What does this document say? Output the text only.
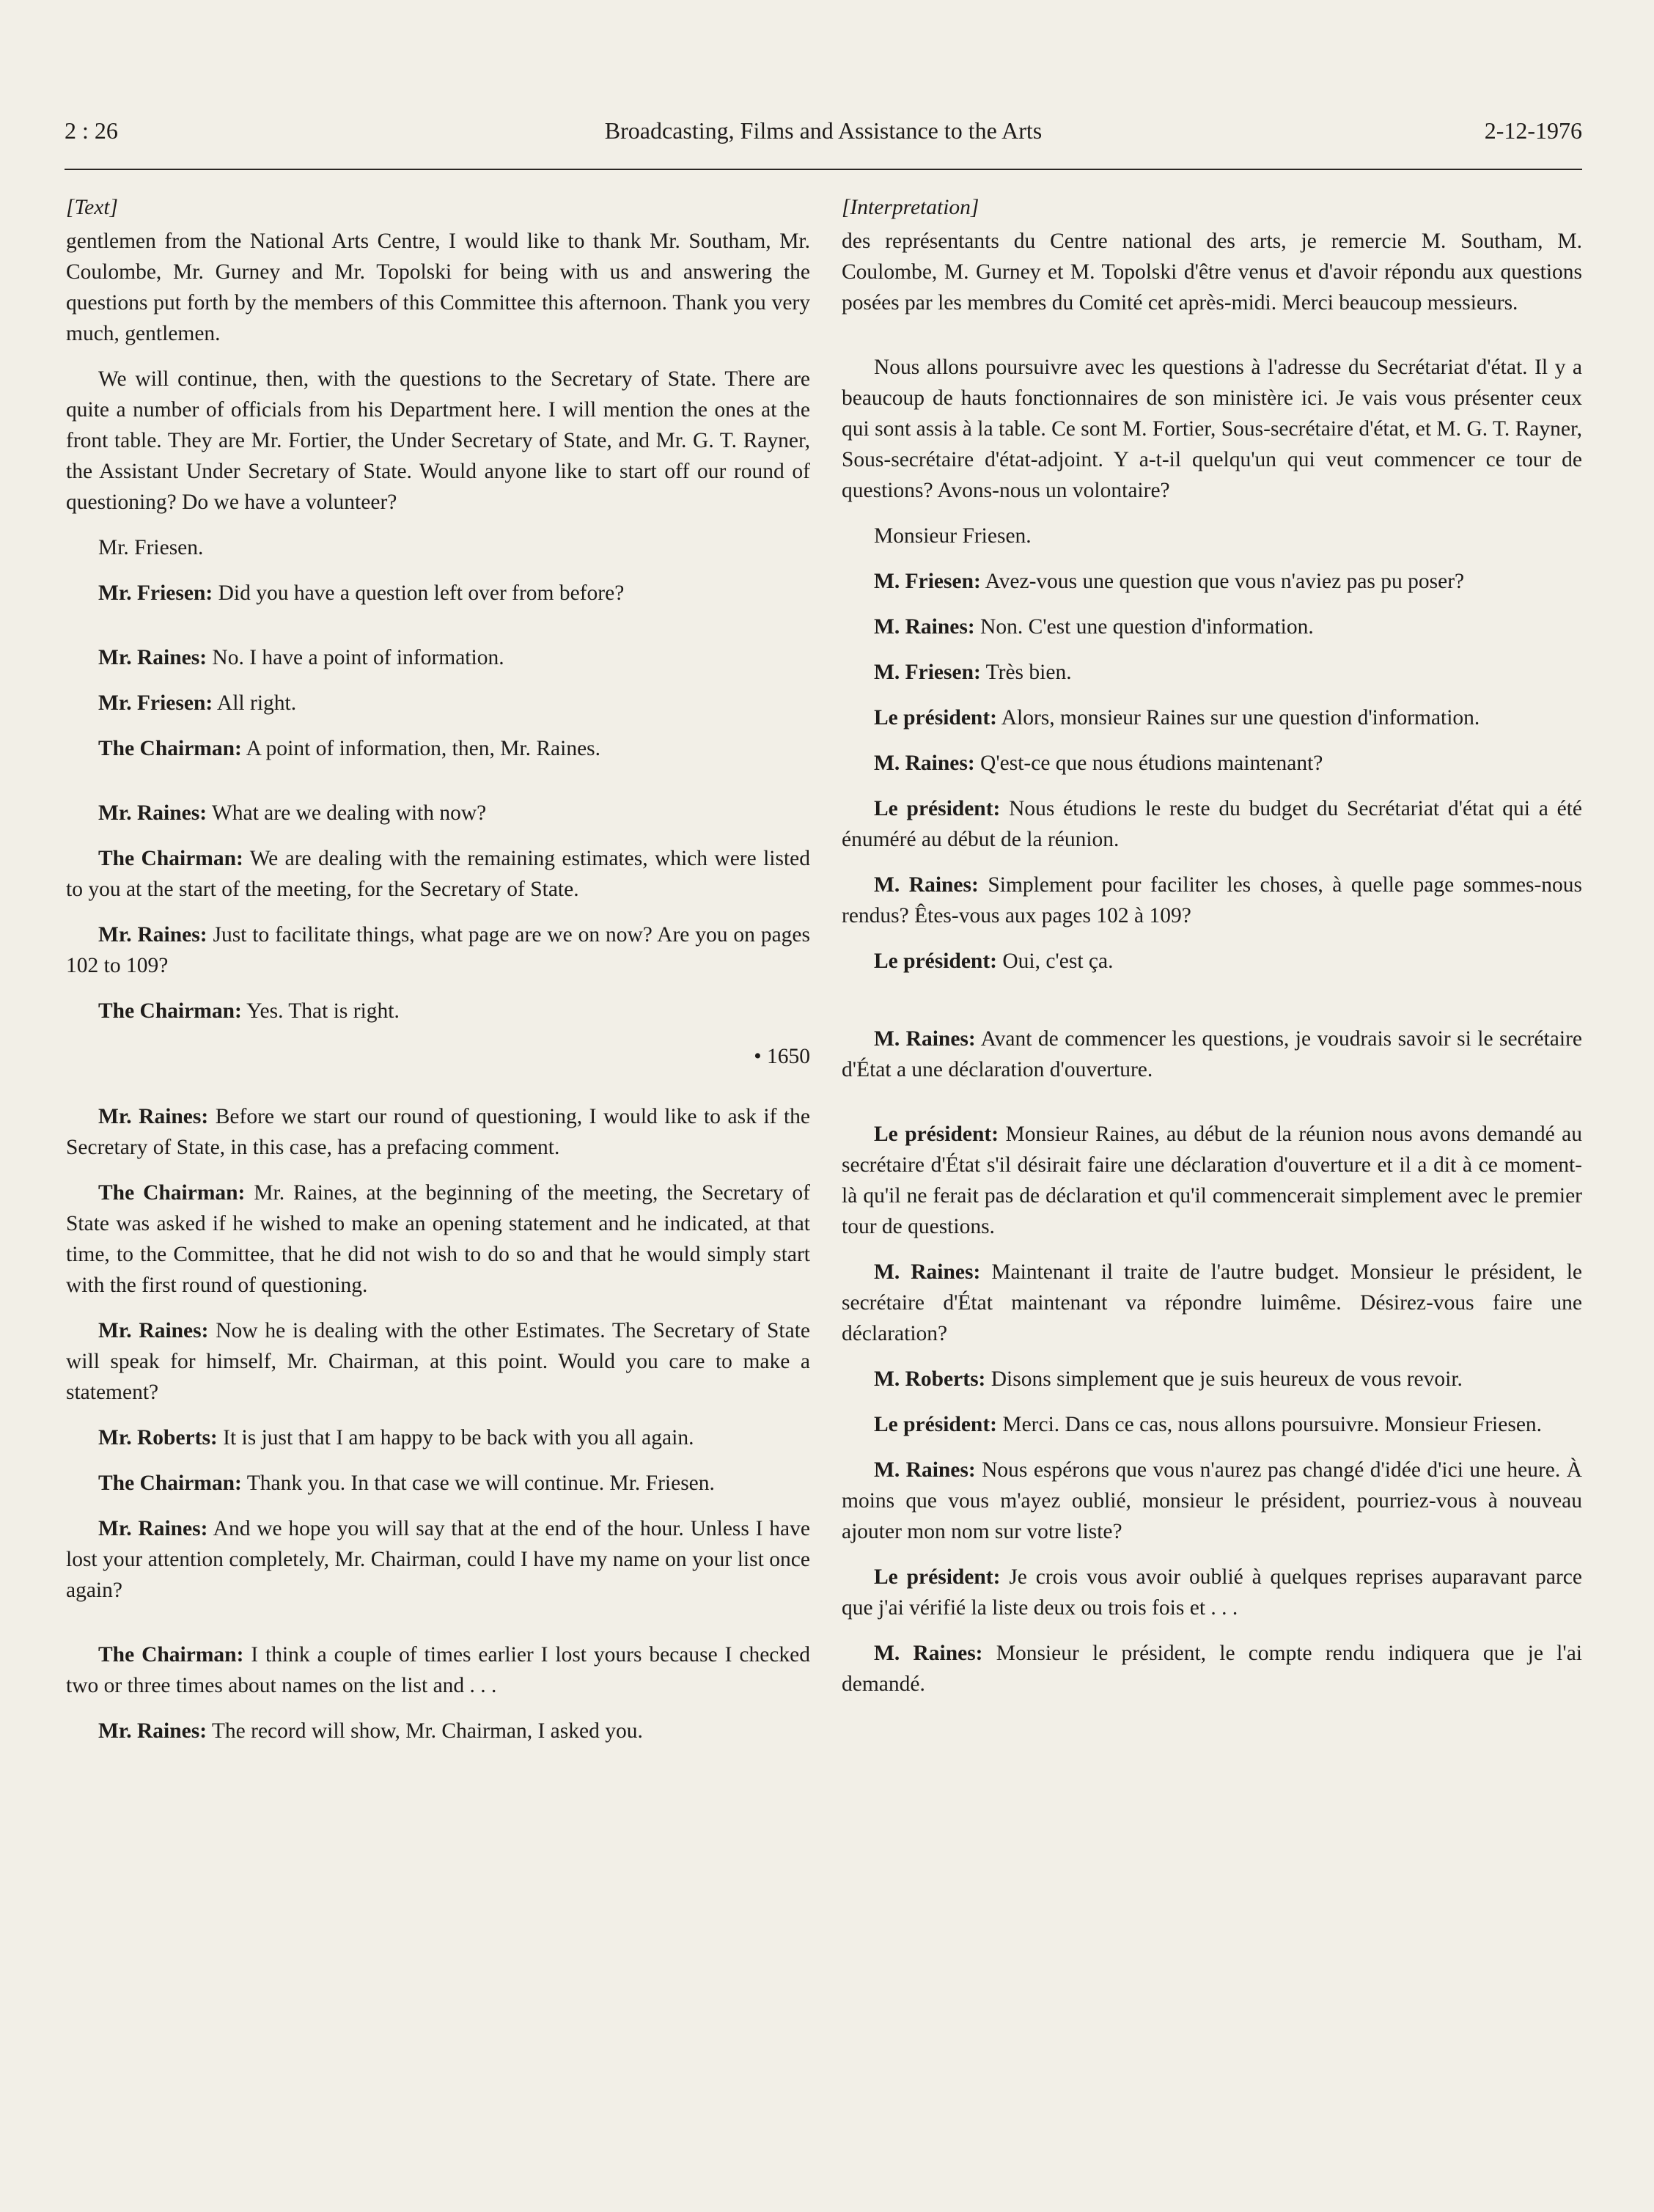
2 : 26	Broadcasting, Films and Assistance to the Arts	2-12-1976
[Text]

gentlemen from the National Arts Centre, I would like to thank Mr. Southam, Mr. Coulombe, Mr. Gurney and Mr. Topolski for being with us and answering the questions put forth by the members of this Committee this afternoon. Thank you very much, gentlemen.

We will continue, then, with the questions to the Secretary of State. There are quite a number of officials from his Department here. I will mention the ones at the front table. They are Mr. Fortier, the Under Secretary of State, and Mr. G. T. Rayner, the Assistant Under Secretary of State. Would anyone like to start off our round of questioning? Do we have a volunteer?

Mr. Friesen.

Mr. Friesen: Did you have a question left over from before?

Mr. Raines: No. I have a point of information.

Mr. Friesen: All right.

The Chairman: A point of information, then, Mr. Raines.

Mr. Raines: What are we dealing with now?

The Chairman: We are dealing with the remaining estimates, which were listed to you at the start of the meeting, for the Secretary of State.

Mr. Raines: Just to facilitate things, what page are we on now? Are you on pages 102 to 109?

The Chairman: Yes. That is right.

• 1650

Mr. Raines: Before we start our round of questioning, I would like to ask if the Secretary of State, in this case, has a prefacing comment.

The Chairman: Mr. Raines, at the beginning of the meeting, the Secretary of State was asked if he wished to make an opening statement and he indicated, at that time, to the Committee, that he did not wish to do so and that he would simply start with the first round of questioning.

Mr. Raines: Now he is dealing with the other Estimates. The Secretary of State will speak for himself, Mr. Chairman, at this point. Would you care to make a statement?

Mr. Roberts: It is just that I am happy to be back with you all again.

The Chairman: Thank you. In that case we will continue. Mr. Friesen.

Mr. Raines: And we hope you will say that at the end of the hour. Unless I have lost your attention completely, Mr. Chairman, could I have my name on your list once again?

The Chairman: I think a couple of times earlier I lost yours because I checked two or three times about names on the list and . . .

Mr. Raines: The record will show, Mr. Chairman, I asked you.

[Interpretation]

des représentants du Centre national des arts, je remercie M. Southam, M. Coulombe, M. Gurney et M. Topolski d'être venus et d'avoir répondu aux questions posées par les membres du Comité cet après-midi. Merci beaucoup messieurs.

Nous allons poursuivre avec les questions à l'adresse du Secrétariat d'état. Il y a beaucoup de hauts fonctionnaires de son ministère ici. Je vais vous présenter ceux qui sont assis à la table. Ce sont M. Fortier, Sous-secrétaire d'état, et M. G. T. Rayner, Sous-secrétaire d'état-adjoint. Y a-t-il quelqu'un qui veut commencer ce tour de questions? Avons-nous un volontaire?

Monsieur Friesen.

M. Friesen: Avez-vous une question que vous n'aviez pas pu poser?

M. Raines: Non. C'est une question d'information.

M. Friesen: Très bien.

Le président: Alors, monsieur Raines sur une question d'information.

M. Raines: Q'est-ce que nous étudions maintenant?

Le président: Nous étudions le reste du budget du Secrétariat d'état qui a été énuméré au début de la réunion.

M. Raines: Simplement pour faciliter les choses, à quelle page sommes-nous rendus? Êtes-vous aux pages 102 à 109?

Le président: Oui, c'est ça.

M. Raines: Avant de commencer les questions, je voudrais savoir si le secrétaire d'État a une déclaration d'ouverture.

Le président: Monsieur Raines, au début de la réunion nous avons demandé au secrétaire d'État s'il désirait faire une déclaration d'ouverture et il a dit à ce moment-là qu'il ne ferait pas de déclaration et qu'il commencerait simplement avec le premier tour de questions.

M. Raines: Maintenant il traite de l'autre budget. Monsieur le président, le secrétaire d'État maintenant va répondre luimême. Désirez-vous faire une déclaration?

M. Roberts: Disons simplement que je suis heureux de vous revoir.

Le président: Merci. Dans ce cas, nous allons poursuivre. Monsieur Friesen.

M. Raines: Nous espérons que vous n'aurez pas changé d'idée d'ici une heure. À moins que vous m'ayez oublié, monsieur le président, pourriez-vous à nouveau ajouter mon nom sur votre liste?

Le président: Je crois vous avoir oublié à quelques reprises auparavant parce que j'ai vérifié la liste deux ou trois fois et . . .

M. Raines: Monsieur le président, le compte rendu indiquera que je l'ai demandé.
